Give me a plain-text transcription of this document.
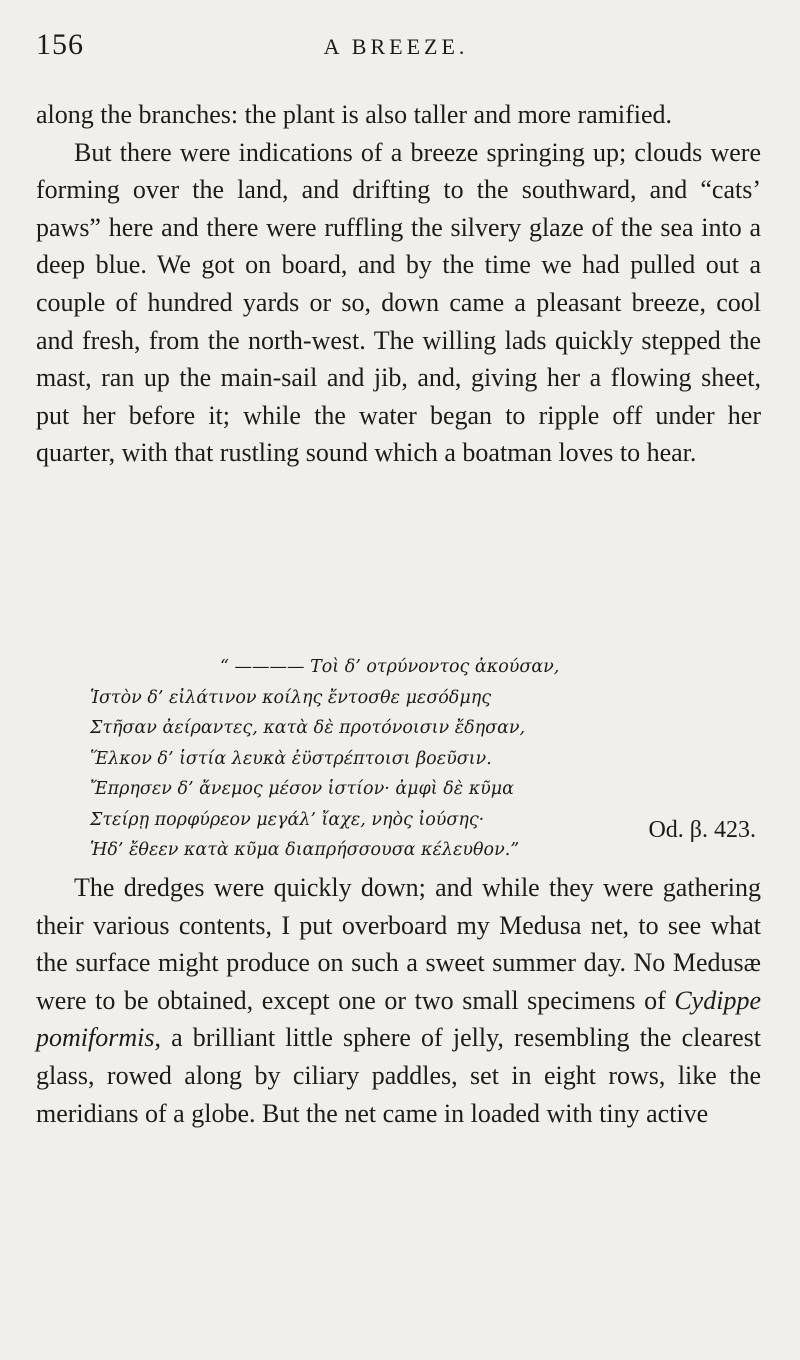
156	A BREEZE.

along the branches: the plant is also taller and more ramified.

But there were indications of a breeze springing up; clouds were forming over the land, and drifting to the southward, and “cats’ paws” here and there were ruffling the silvery glaze of the sea into a deep blue. We got on board, and by the time we had pulled out a couple of hundred yards or so, down came a pleasant breeze, cool and fresh, from the north-west. The willing lads quickly stepped the mast, ran up the main-sail and jib, and, giving her a flowing sheet, put her before it; while the water began to ripple off under her quarter, with that rustling sound which a boatman loves to hear.

“ ———— Τοὶ δ’ οτρύνοντος ἀκούσαν,

Ἱστὸν δ’ εἰλάτινον κοίλης ἔντοσθε μεσόδμης

Στῆσαν ἀείραντες, κατὰ δὲ προτόνοισιν ἔδησαν,

Ἕλκον δ’ ἱστία λευκὰ ἐϋστρέπτοισι βοεῦσιν.

Ἔπρησεν δ’ ἄνεμος μέσον ἱστίον· ἀμφὶ δὲ κῦμα

Στείρῃ πορφύρεον μεγάλ’ ἴαχε, νηὸς ἰούσης·

Ἡδ’ ἔθεεν κατὰ κῦμα διαπρήσσουσα κέλευθον.”

Od. β. 423.

The dredges were quickly down; and while they were gathering their various contents, I put overboard my Medusa net, to see what the surface might produce on such a sweet summer day. No Medusæ were to be obtained, except one or two small specimens of Cydippe pomiformis, a brilliant little sphere of jelly, resembling the clearest glass, rowed along by ciliary paddles, set in eight rows, like the meridians of a globe. But the net came in loaded with tiny active
